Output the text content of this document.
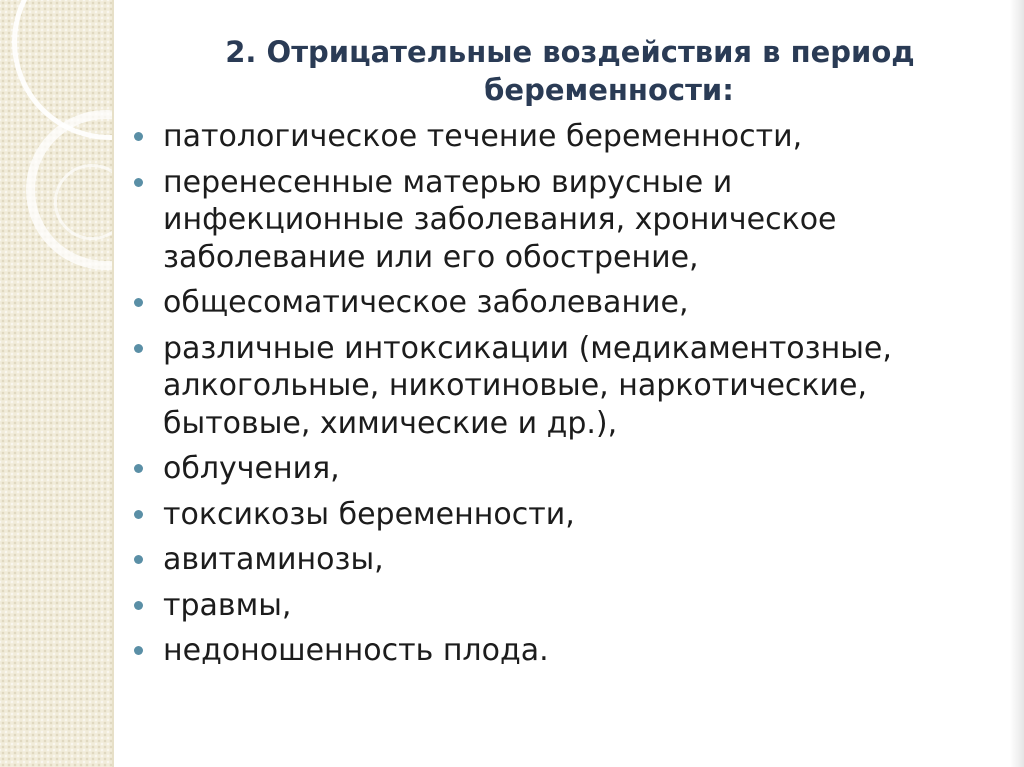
2. Отрицательные воздействия в период
беременности:
патологическое течение беременности,
перенесенные матерью вирусные и
инфекционные заболевания, хроническое
заболевание или его обострение,
общесоматическое заболевание,
различные интоксикации (медикаментозные,
алкогольные, никотиновые, наркотические,
бытовые, химические и др.),
облучения,
токсикозы беременности,
авитаминозы,
травмы,
недоношенность плода.
